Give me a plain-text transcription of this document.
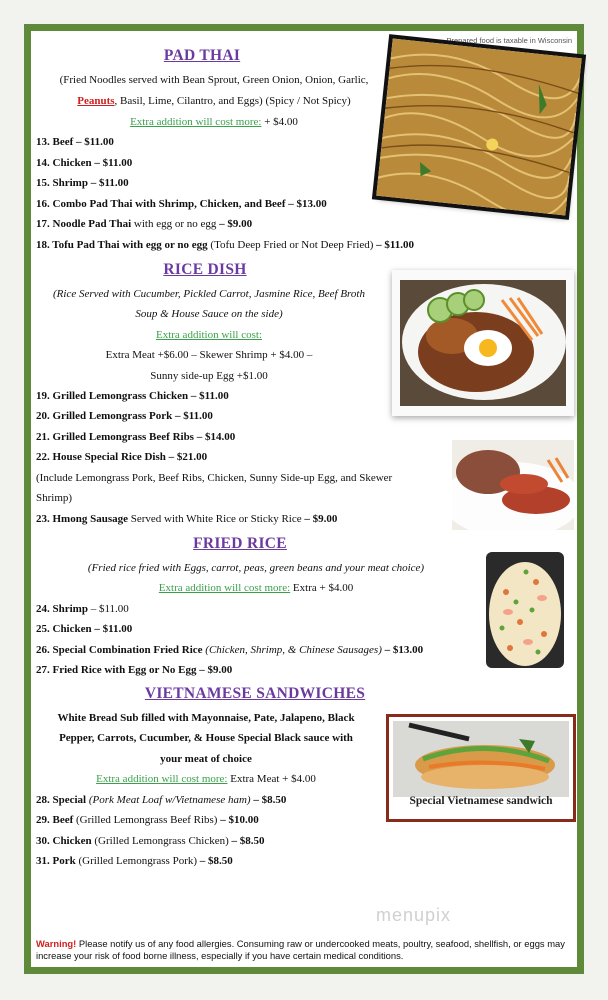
Prepared food is taxable in Wisconsin
PAD THAI
(Fried Noodles served with Bean Sprout, Green Onion, Onion, Garlic,
Peanuts, Basil, Lime, Cilantro, and Eggs) (Spicy / Not Spicy)
Extra addition will cost more: + $4.00
13. Beef – $11.00
14. Chicken – $11.00
15. Shrimp – $11.00
16. Combo Pad Thai with Shrimp, Chicken, and Beef – $13.00
17. Noodle Pad Thai with egg or no egg – $9.00
18. Tofu Pad Thai with egg or no egg (Tofu Deep Fried or Not Deep Fried) – $11.00
RICE DISH
(Rice Served with Cucumber, Pickled Carrot, Jasmine Rice, Beef Broth
Soup & House Sauce on the side)
Extra addition will cost:
Extra Meat +$6.00 – Skewer Shrimp + $4.00 –
Sunny side-up Egg +$1.00
19. Grilled Lemongrass Chicken – $11.00
20. Grilled Lemongrass Pork – $11.00
21. Grilled Lemongrass Beef Ribs – $14.00
22. House Special Rice Dish – $21.00
(Include Lemongrass Pork, Beef Ribs, Chicken, Sunny Side-up Egg, and Skewer
Shrimp)
23. Hmong Sausage Served with White Rice or Sticky Rice – $9.00
FRIED RICE
(Fried rice fried with Eggs, carrot, peas, green beans and your meat choice)
Extra addition will cost more: Extra + $4.00
24. Shrimp – $11.00
25. Chicken – $11.00
26. Special Combination Fried Rice (Chicken, Shrimp, & Chinese Sausages) – $13.00
27. Fried Rice with Egg or No Egg – $9.00
VIETNAMESE SANDWICHES
White Bread Sub filled with Mayonnaise, Pate, Jalapeno, Black
Pepper, Carrots, Cucumber, & House Special Black sauce with
your meat of choice
Extra addition will cost more: Extra Meat + $4.00
28. Special (Pork Meat Loaf w/Vietnamese ham) – $8.50
29. Beef (Grilled Lemongrass Beef Ribs) – $10.00
30. Chicken (Grilled Lemongrass Chicken) – $8.50
31. Pork (Grilled Lemongrass Pork) – $8.50
Special Vietnamese sandwich
menupix
Warning! Please notify us of any food allergies. Consuming raw or undercooked meats, poultry, seafood, shellfish, or eggs may increase your risk of food borne illness, especially if you have certain medical conditions.
